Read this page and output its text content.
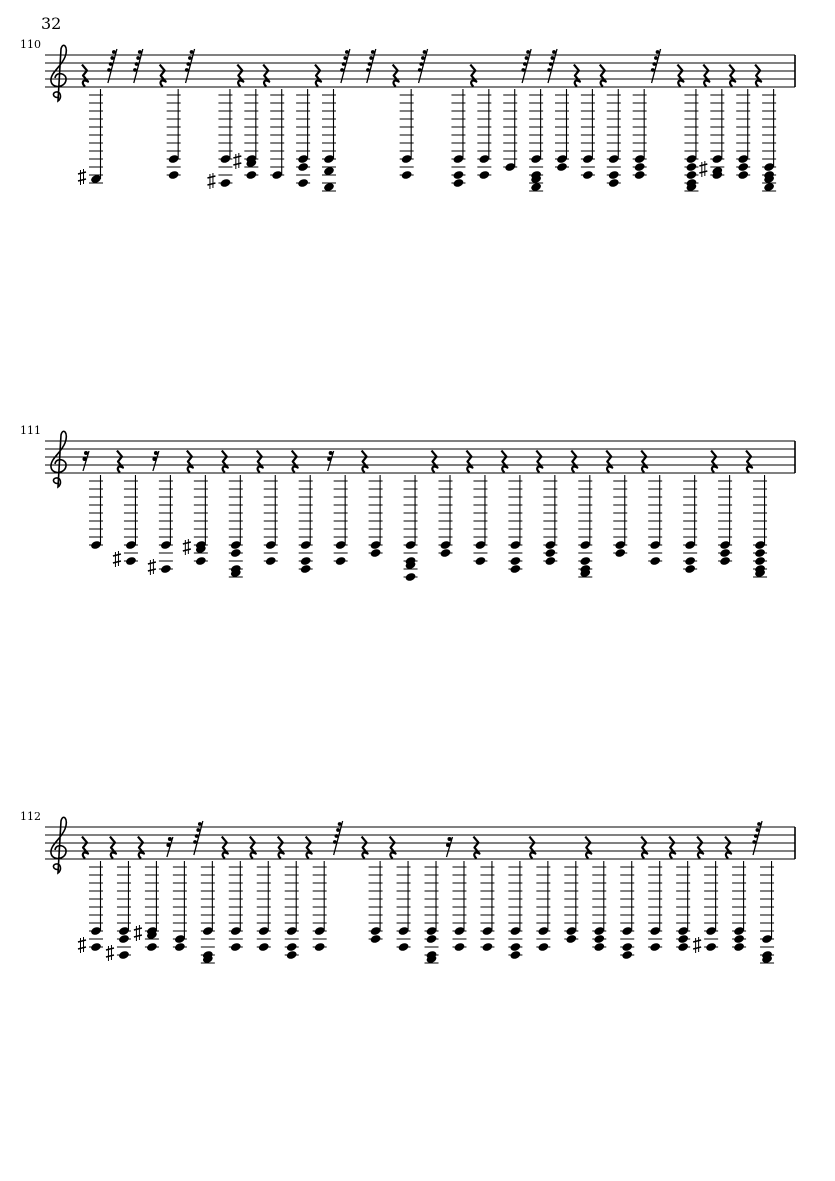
32
110
111
112
